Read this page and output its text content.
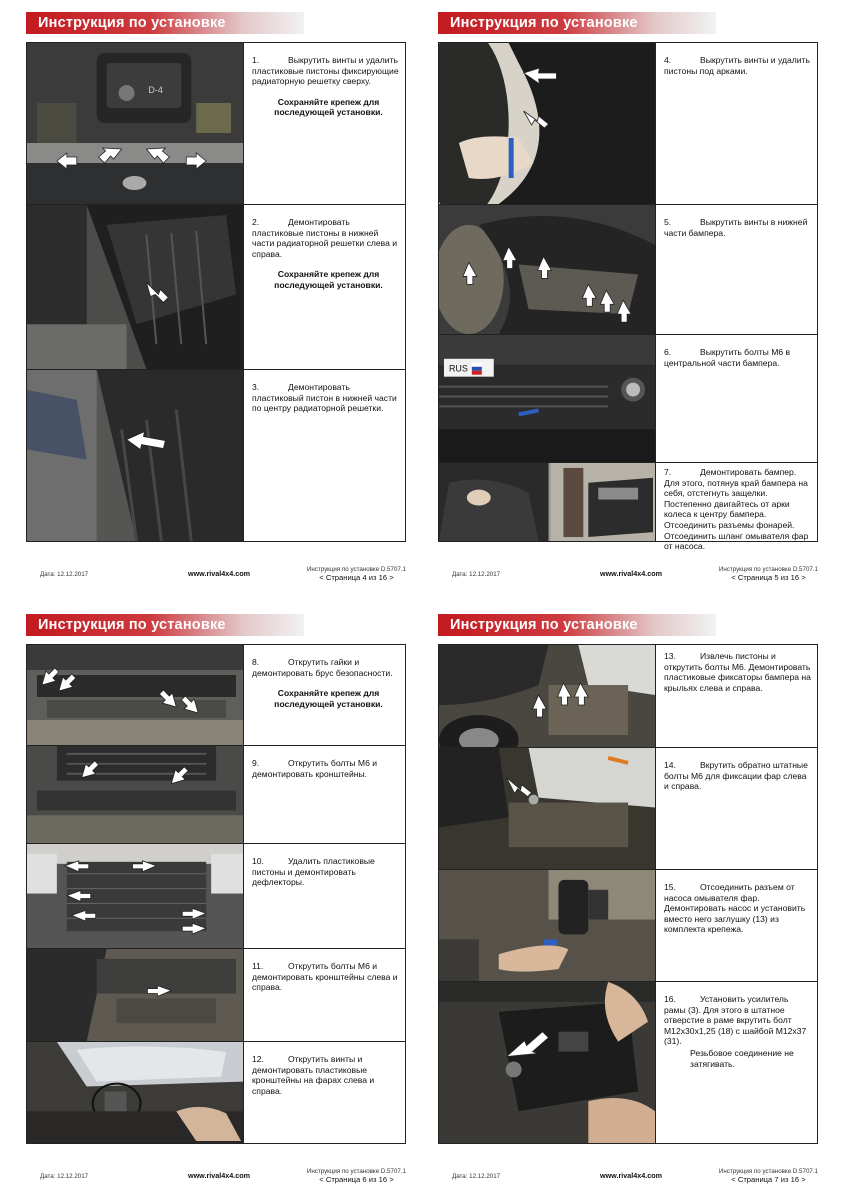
Инструкция по установке
D-4
1.	Выкрутить винты и удалить пластиковые пистоны фиксирующие радиаторную решетку сверху.
Сохраняйте крепеж для последующей установки.
2.	Демонтировать пластиковые пистоны в нижней части радиаторной решетки слева и справа.
Сохраняйте крепеж для последующей установки.
3.	Демонтировать пластиковый пистон в нижней части по центру радиаторной решетки.
Дата: 12.12.2017	www.rival4x4.com	Инструкция по установке D.5707.1
< Страница 4 из 16 >
Инструкция по установке
4.	Выкрутить винты и удалить пистоны под арками.
5.	Выкрутить винты в нижней части бампера.
RUS
6.	Выкрутить болты М6 в центральной части бампера.
7.	Демонтировать бампер. Для этого, потянув край бампера на себя, отстегнуть защелки. Постепенно двигайтесь от арки колеса к центру бампера. Отсоединить разъемы фонарей. Отсоединить шланг омывателя фар от насоса.
Дата: 12.12.2017	www.rival4x4.com	Инструкция по установке D.5707.1
< Страница 5 из 16 >
Инструкция по установке
8.	Открутить гайки и демонтировать брус безопасности.
Сохраняйте крепеж для последующей установки.
9.	Открутить болты М6 и демонтировать кронштейны.
10.	Удалить пластиковые пистоны и демонтировать дефлекторы.
11.	Открутить болты М6 и демонтировать кронштейны слева и справа.
12.	Открутить винты и демонтировать пластиковые кронштейны на фарах слева и справа.
Дата: 12.12.2017	www.rival4x4.com	Инструкция по установке D.5707.1
< Страница 6 из 16 >
Инструкция по установке
13.	Извлечь пистоны и открутить болты М6. Демонтировать пластиковые фиксаторы бампера на крыльях слева и справа.
14.	Вкрутить обратно штатные болты М6 для фиксации фар слева и справа.
15.	Отсоединить разъем от насоса омывателя фар. Демонтировать насос и установить вместо него заглушку (13) из комплекта крепежа.
16.	Установить усилитель рамы (3). Для этого в штатное отверстие в раме вкрутить болт М12х30х1,25 (18) с шайбой М12х37 (31).
Резьбовое соединение не затягивать.
Дата: 12.12.2017	www.rival4x4.com	Инструкция по установке D.5707.1
< Страница 7 из 16 >
